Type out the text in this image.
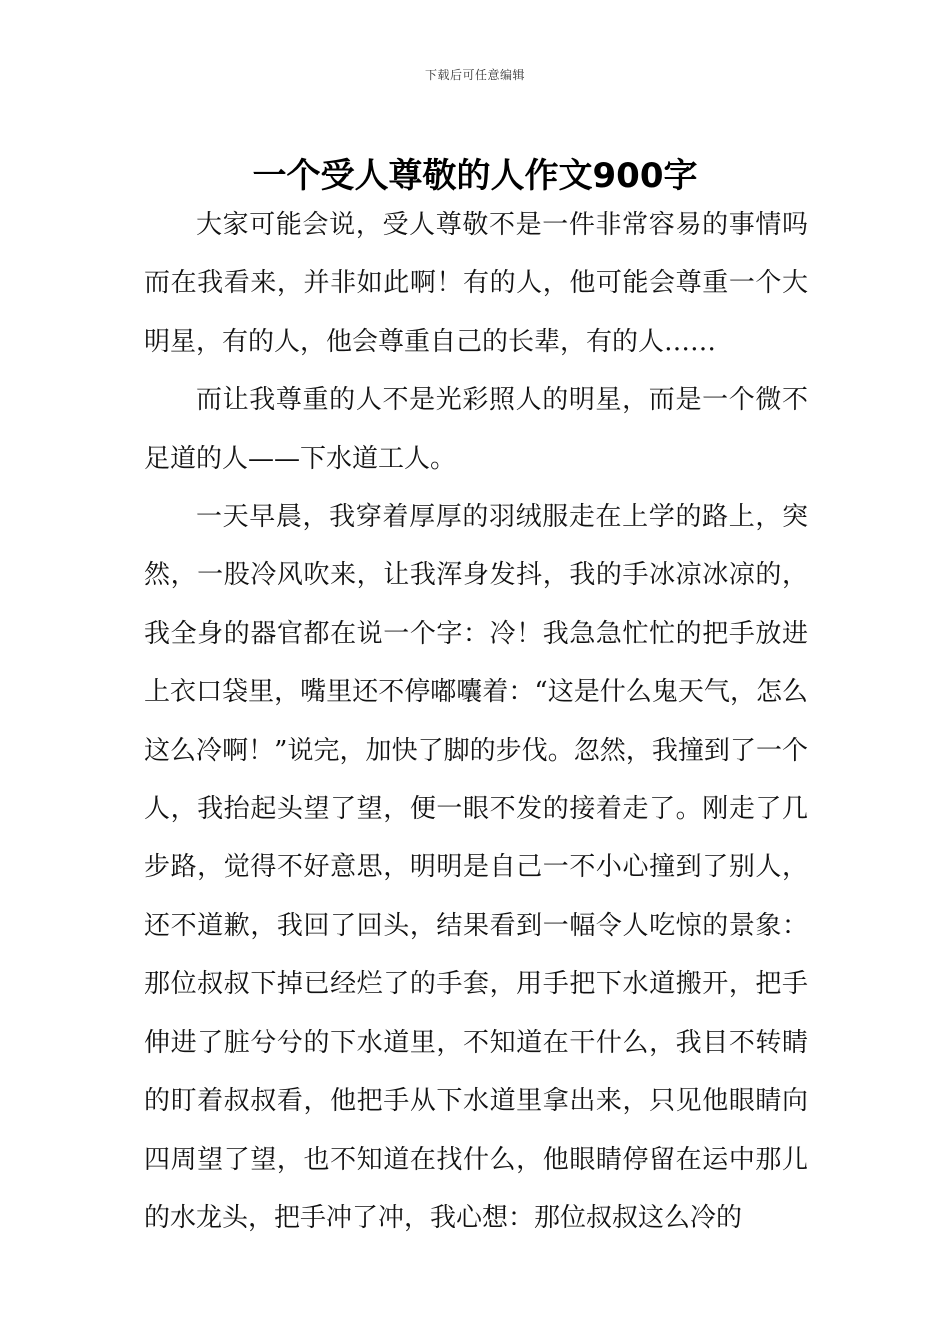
下载后可任意编辑
一个受人尊敬的人作文900字

大家可能会说，受人尊敬不是一件非常容易的事情吗而在我看来，并非如此啊！有的人，他可能会尊重一个大明星，有的人，他会尊重自己的长辈，有的人……

而让我尊重的人不是光彩照人的明星，而是一个微不足道的人——下水道工人。

一天早晨，我穿着厚厚的羽绒服走在上学的路上，突然，一股冷风吹来，让我浑身发抖，我的手冰凉冰凉的，我全身的器官都在说一个字：冷！我急急忙忙的把手放进上衣口袋里，嘴里还不停嘟囔着：“这是什么鬼天气，怎么这么冷啊！”说完，加快了脚的步伐。忽然，我撞到了一个人，我抬起头望了望，便一眼不发的接着走了。刚走了几步路，觉得不好意思，明明是自己一不小心撞到了别人，还不道歉，我回了回头，结果看到一幅令人吃惊的景象：那位叔叔下掉已经烂了的手套，用手把下水道搬开，把手伸进了脏兮兮的下水道里，不知道在干什么，我目不转睛的盯着叔叔看，他把手从下水道里拿出来，只见他眼睛向四周望了望，也不知道在找什么，他眼睛停留在运中那儿的水龙头，把手冲了冲，我心想：那位叔叔这么冷的
